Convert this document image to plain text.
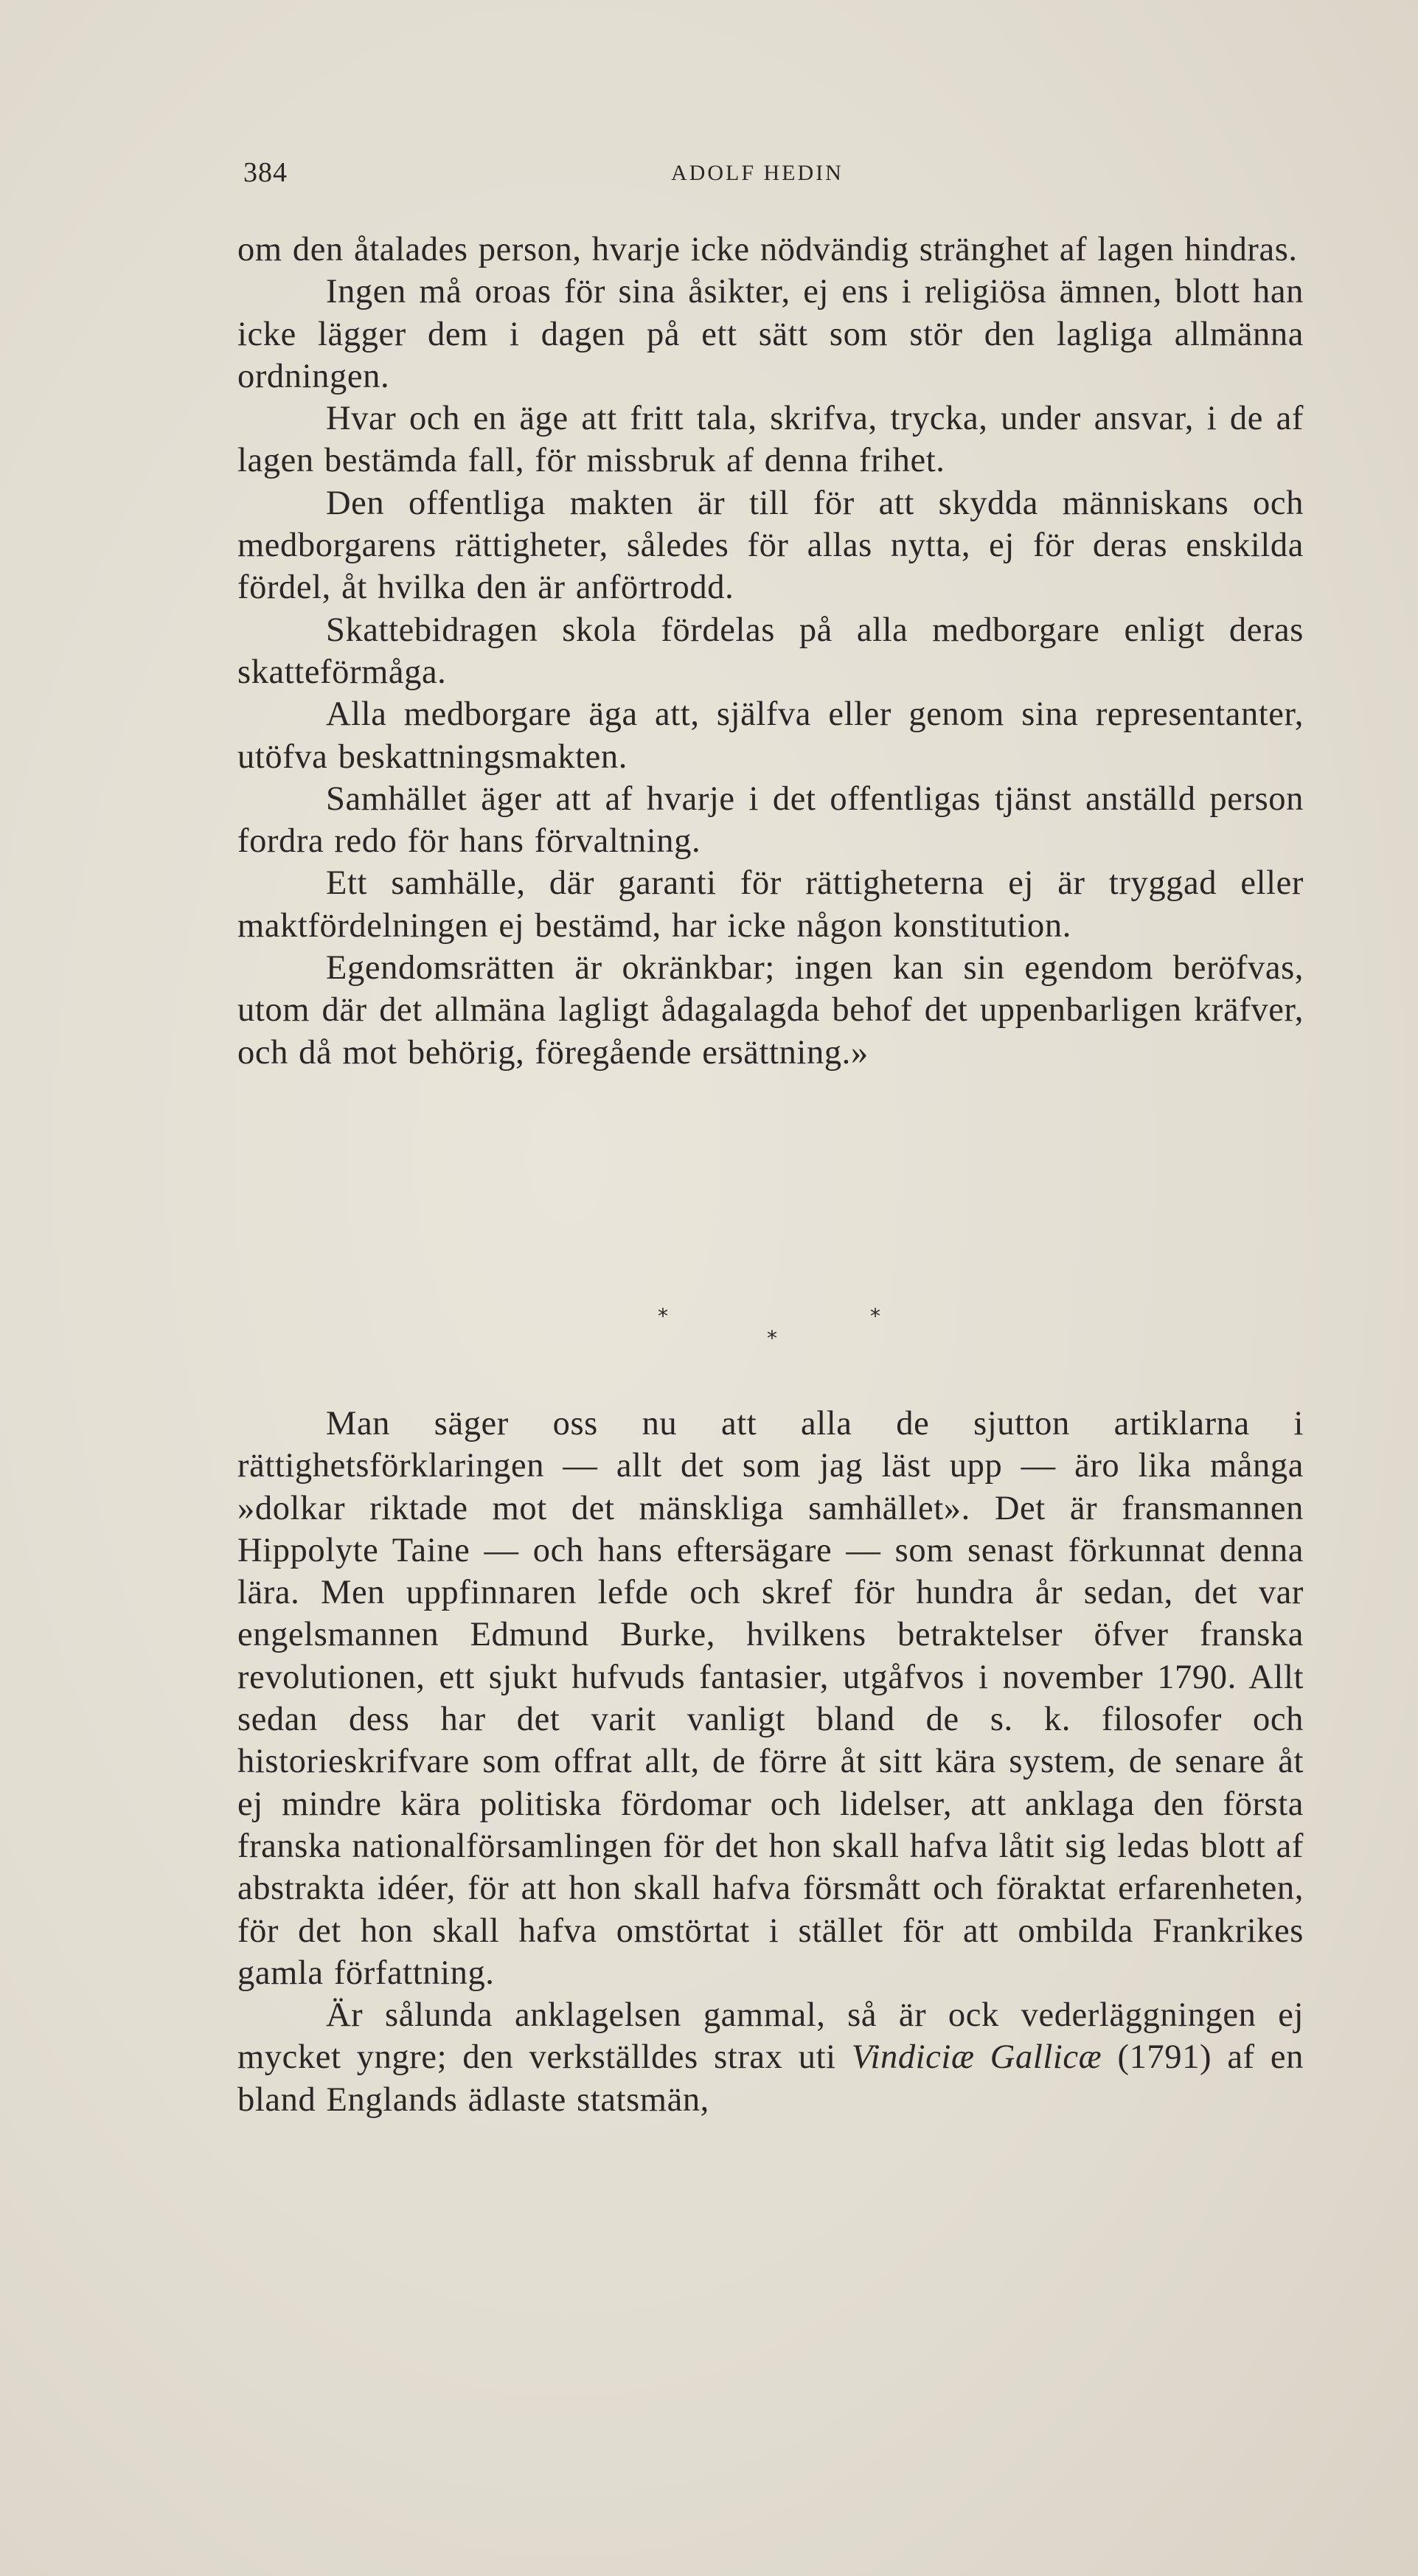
384	ADOLF HEDIN

om den åtalades person, hvarje icke nödvändig stränghet af lagen hindras.

Ingen må oroas för sina åsikter, ej ens i religiösa ämnen, blott han icke lägger dem i dagen på ett sätt som stör den lagliga allmänna ordningen.

Hvar och en äge att fritt tala, skrifva, trycka, under ansvar, i de af lagen bestämda fall, för missbruk af denna frihet.

Den offentliga makten är till för att skydda människans och medborgarens rättigheter, således för allas nytta, ej för deras enskilda fördel, åt hvilka den är anförtrodd.

Skattebidragen skola fördelas på alla medborgare enligt deras skatteförmåga.

Alla medborgare äga att, själfva eller genom sina representanter, utöfva beskattningsmakten.

Samhället äger att af hvarje i det offentligas tjänst anställd person fordra redo för hans förvaltning.

Ett samhälle, där garanti för rättigheterna ej är tryggad eller maktfördelningen ej bestämd, har icke någon konstitution.

Egendomsrätten är okränkbar; ingen kan sin egendom beröfvas, utom där det allmäna lagligt ådagalagda behof det uppenbarligen kräfver, och då mot behörig, föregående ersättning.»

*
*
*

Man säger oss nu att alla de sjutton artiklarna i rättighetsförklaringen — allt det som jag läst upp — äro lika många »dolkar riktade mot det mänskliga samhället». Det är fransmannen Hippolyte Taine — och hans eftersägare — som senast förkunnat denna lära. Men uppfinnaren lefde och skref för hundra år sedan, det var engelsmannen Edmund Burke, hvilkens betraktelser öfver franska revolutionen, ett sjukt hufvuds fantasier, utgåfvos i november 1790. Allt sedan dess har det varit vanligt bland de s. k. filosofer och historieskrifvare som offrat allt, de förre åt sitt kära system, de senare åt ej mindre kära politiska fördomar och lidelser, att anklaga den första franska nationalförsamlingen för det hon skall hafva låtit sig ledas blott af abstrakta idéer, för att hon skall hafva försmått och föraktat erfarenheten, för det hon skall hafva omstörtat i stället för att ombilda Frankrikes gamla författning.

Är sålunda anklagelsen gammal, så är ock vederläggningen ej mycket yngre; den verkställdes strax uti Vindiciæ Gallicæ (1791) af en bland Englands ädlaste statsmän,
